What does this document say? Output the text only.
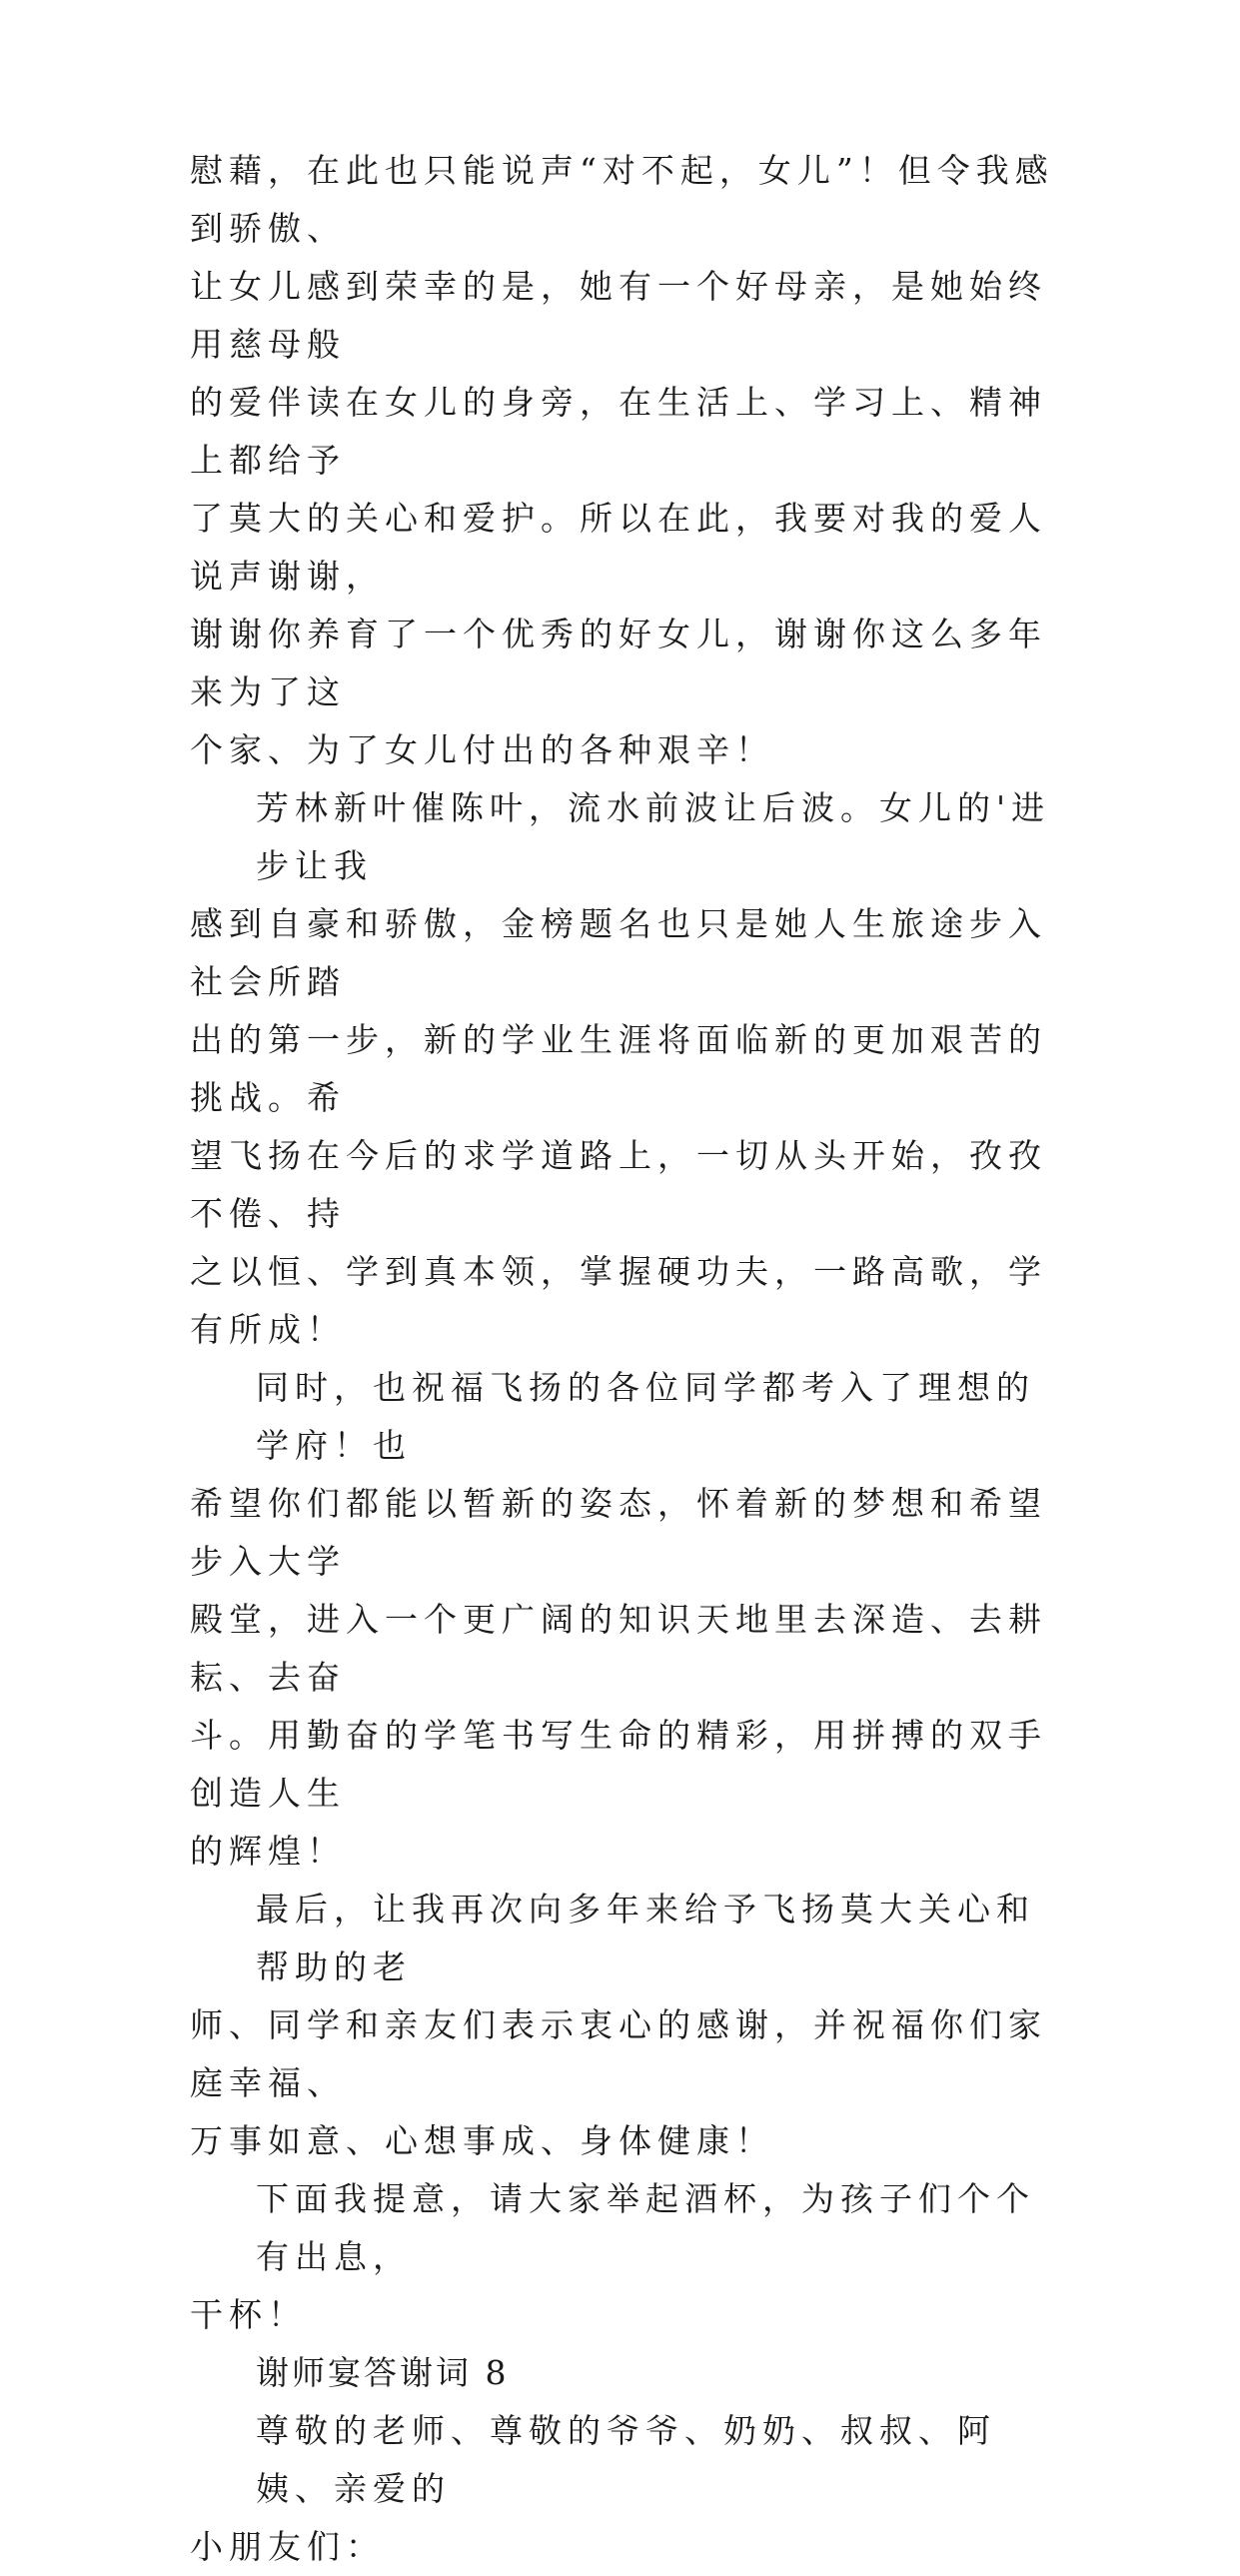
慰藉，在此也只能说声“对不起，女儿”！但令我感到骄傲、

让女儿感到荣幸的是，她有一个好母亲，是她始终用慈母般

的爱伴读在女儿的身旁，在生活上、学习上、精神上都给予

了莫大的关心和爱护。所以在此，我要对我的爱人说声谢谢，

谢谢你养育了一个优秀的好女儿，谢谢你这么多年来为了这

个家、为了女儿付出的各种艰辛！

芳林新叶催陈叶，流水前波让后波。女儿的'进步让我

感到自豪和骄傲，金榜题名也只是她人生旅途步入社会所踏

出的第一步，新的学业生涯将面临新的更加艰苦的挑战。希

望飞扬在今后的求学道路上，一切从头开始，孜孜不倦、持

之以恒、学到真本领，掌握硬功夫，一路高歌，学有所成！

同时，也祝福飞扬的各位同学都考入了理想的学府！也

希望你们都能以暂新的姿态，怀着新的梦想和希望步入大学

殿堂，进入一个更广阔的知识天地里去深造、去耕耘、去奋

斗。用勤奋的学笔书写生命的精彩，用拼搏的双手创造人生

的辉煌！

最后，让我再次向多年来给予飞扬莫大关心和帮助的老

师、同学和亲友们表示衷心的感谢，并祝福你们家庭幸福、

万事如意、心想事成、身体健康！

下面我提意，请大家举起酒杯，为孩子们个个有出息，

干杯！

谢师宴答谢词 8

尊敬的老师、尊敬的爷爷、奶奶、叔叔、阿姨、亲爱的

小朋友们：
